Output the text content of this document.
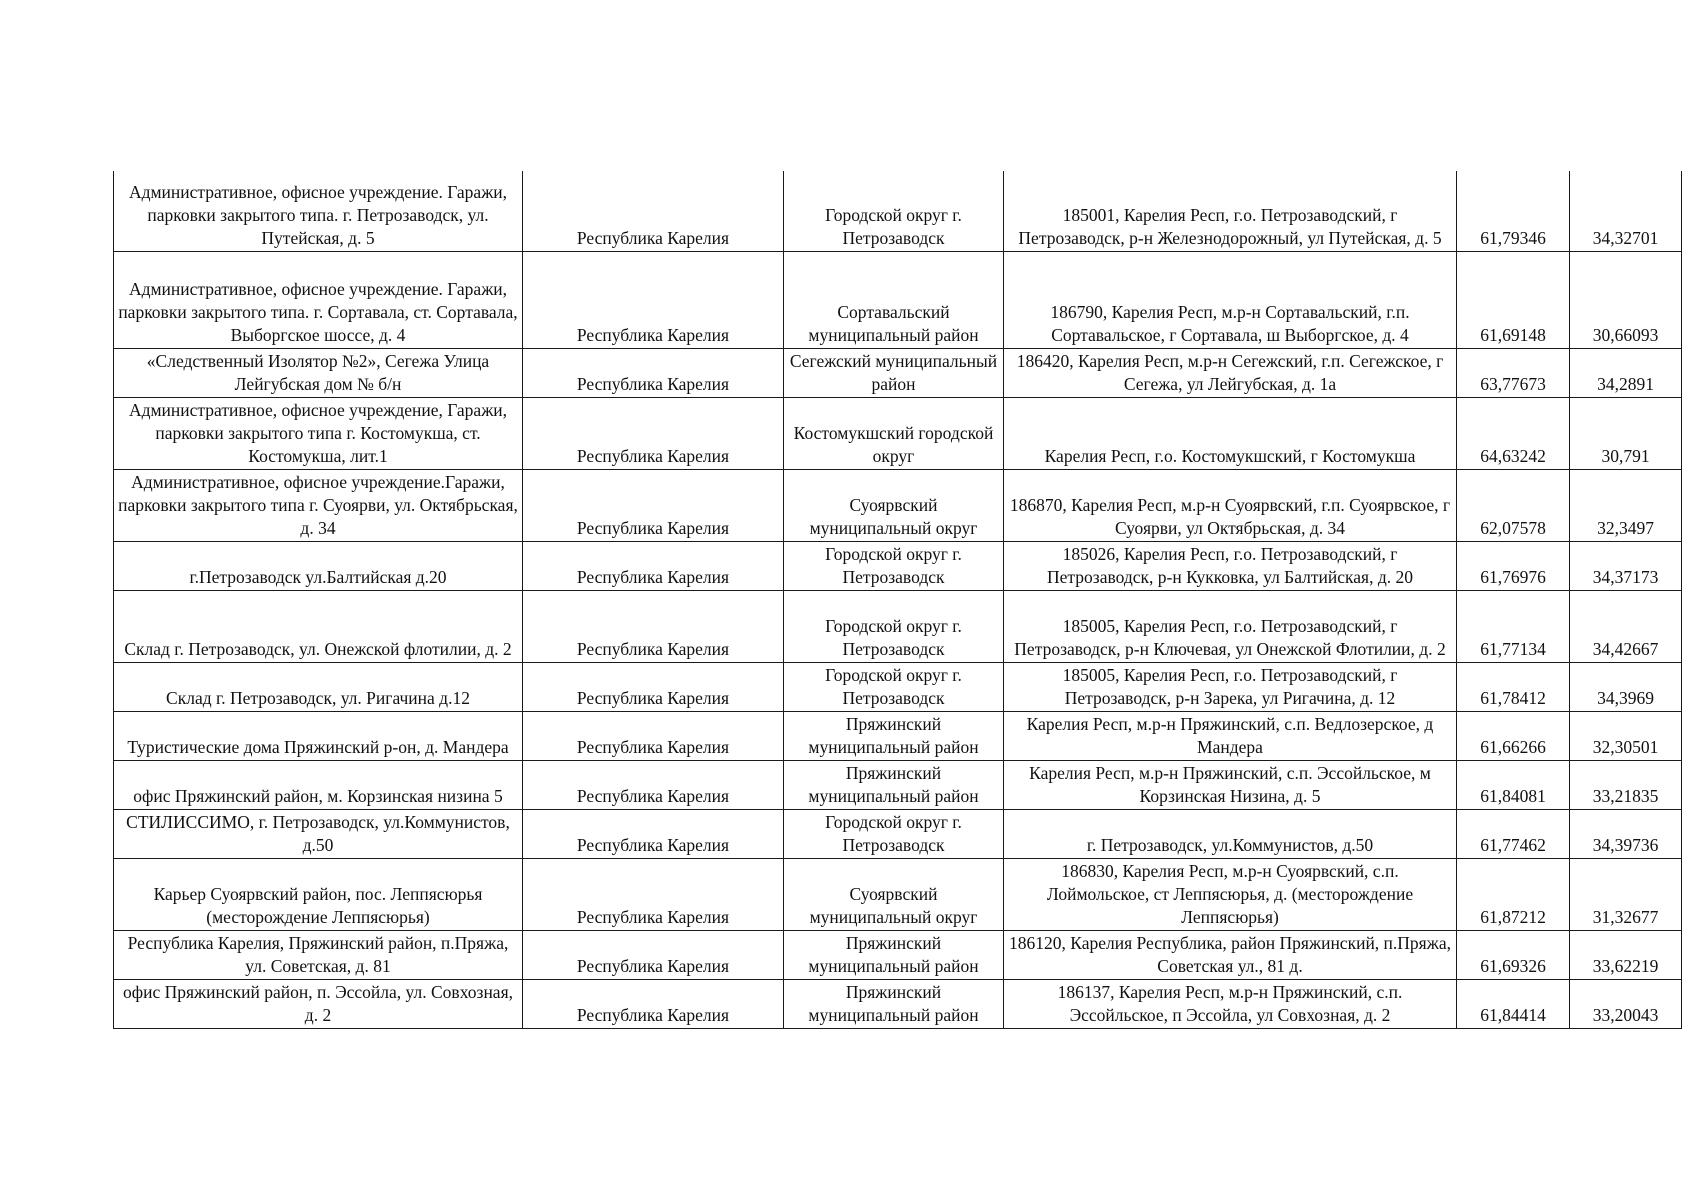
Административное, офисное учреждение. Гаражи, парковки закрытого типа. г. Петрозаводск, ул. Путейская, д. 5	Республика Карелия	Городской округ г. Петрозаводск	185001, Карелия Респ, г.о. Петрозаводский, г Петрозаводск, р-н Железнодорожный, ул Путейская, д. 5	61,79346	34,32701
Административное, офисное учреждение. Гаражи, парковки закрытого типа. г. Сортавала, ст. Сортавала, Выборгское шоссе, д. 4	Республика Карелия	Сортавальский муниципальный район	186790, Карелия Респ, м.р-н Сортавальский, г.п. Сортавальское, г Сортавала, ш Выборгское, д. 4	61,69148	30,66093
«Следственный Изолятор №2», Сегежа Улица Лейгубская дом № б/н	Республика Карелия	Сегежский муниципальный район	186420, Карелия Респ, м.р-н Сегежский, г.п. Сегежское, г Сегежа, ул Лейгубская, д. 1а	63,77673	34,2891
Административное, офисное учреждение, Гаражи, парковки закрытого типа г. Костомукша, ст. Костомукша, лит.1	Республика Карелия	Костомукшский городской округ	Карелия Респ, г.о. Костомукшский, г Костомукша	64,63242	30,791
Административное, офисное учреждение.Гаражи, парковки закрытого типа г. Суоярви, ул. Октябрьская, д. 34	Республика Карелия	Суоярвский муниципальный округ	186870, Карелия Респ, м.р-н Суоярвский, г.п. Суоярвское, г Суоярви, ул Октябрьская, д. 34	62,07578	32,3497
г.Петрозаводск ул.Балтийская д.20	Республика Карелия	Городской округ г. Петрозаводск	185026, Карелия Респ, г.о. Петрозаводский, г Петрозаводск, р-н Кукковка, ул Балтийская, д. 20	61,76976	34,37173
Склад г. Петрозаводск, ул. Онежской флотилии, д. 2	Республика Карелия	Городской округ г. Петрозаводск	185005, Карелия Респ, г.о. Петрозаводский, г Петрозаводск, р-н Ключевая, ул Онежской Флотилии, д. 2	61,77134	34,42667
Склад г. Петрозаводск, ул. Ригачина д.12	Республика Карелия	Городской округ г. Петрозаводск	185005, Карелия Респ, г.о. Петрозаводский, г Петрозаводск, р-н Зарека, ул Ригачина, д. 12	61,78412	34,3969
Туристические дома Пряжинский р-он, д. Мандера	Республика Карелия	Пряжинский муниципальный район	Карелия Респ, м.р-н Пряжинский, с.п. Ведлозерское, д Мандера	61,66266	32,30501
офис Пряжинский район, м. Корзинская низина 5	Республика Карелия	Пряжинский муниципальный район	Карелия Респ, м.р-н Пряжинский, с.п. Эссойльское, м Корзинская Низина, д. 5	61,84081	33,21835
СТИЛИССИМО, г. Петрозаводск, ул.Коммунистов, д.50	Республика Карелия	Городской округ г. Петрозаводск	г. Петрозаводск, ул.Коммунистов, д.50	61,77462	34,39736
Карьер Суоярвский район, пос. Леппясюрья (месторождение Леппясюрья)	Республика Карелия	Суоярвский муниципальный округ	186830, Карелия Респ, м.р-н Суоярвский, с.п. Лоймольское, ст Леппясюрья, д. (месторождение Леппясюрья)	61,87212	31,32677
Республика Карелия, Пряжинский район, п.Пряжа, ул. Советская, д. 81	Республика Карелия	Пряжинский муниципальный район	186120, Карелия Республика, район Пряжинский, п.Пряжа, Советская ул., 81 д.	61,69326	33,62219
офис Пряжинский район, п. Эссойла, ул. Совхозная, д. 2	Республика Карелия	Пряжинский муниципальный район	186137, Карелия Респ, м.р-н Пряжинский, с.п. Эссойльское, п Эссойла, ул Совхозная, д. 2	61,84414	33,20043
